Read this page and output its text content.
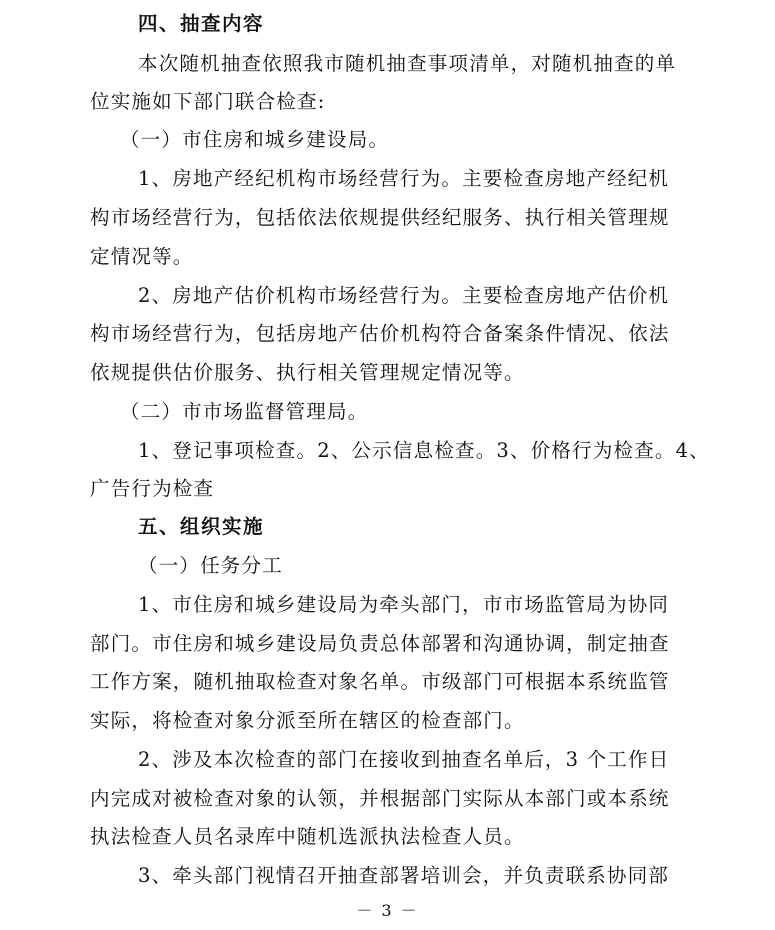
四、抽查内容
本次随机抽查依照我市随机抽查事项清单，对随机抽查的单
位实施如下部门联合检查:
（一）市住房和城乡建设局。
1、房地产经纪机构市场经营行为。主要检查房地产经纪机
构市场经营行为，包括依法依规提供经纪服务、执行相关管理规
定情况等。
2、房地产估价机构市场经营行为。主要检查房地产估价机
构市场经营行为，包括房地产估价机构符合备案条件情况、依法
依规提供估价服务、执行相关管理规定情况等。
（二）市市场监督管理局。
1、登记事项检查。2、公示信息检查。3、价格行为检查。4、
广告行为检查
五、组织实施
（一）任务分工
1、市住房和城乡建设局为牵头部门，市市场监管局为协同
部门。市住房和城乡建设局负责总体部署和沟通协调，制定抽查
工作方案，随机抽取检查对象名单。市级部门可根据本系统监管
实际，将检查对象分派至所在辖区的检查部门。
2、涉及本次检查的部门在接收到抽查名单后，3 个工作日
内完成对被检查对象的认领，并根据部门实际从本部门或本系统
执法检查人员名录库中随机选派执法检查人员。
3、牵头部门视情召开抽查部署培训会，并负责联系协同部
－ 3 －
